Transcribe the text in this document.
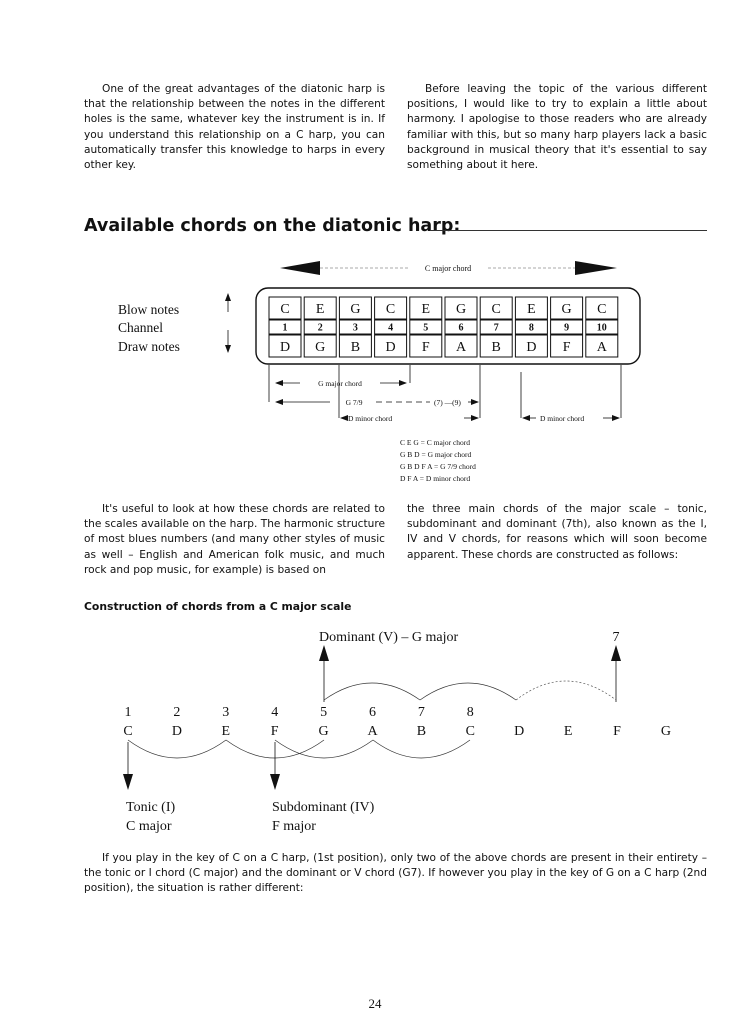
One of the great advantages of the diatonic harp is that the relationship between the notes in the different holes is the same, whatever key the instrument is in. If you understand this relationship on a C harp, you can automatically transfer this knowledge to harps in every other key.

Before leaving the topic of the various different positions, I would like to try to explain a little about harmony. I apologise to those readers who are already familiar with this, but so many harp players lack a basic background in musical theory that it's essential to say something about it here.

Available chords on the diatonic harp:
C major chord
Blow notes
Channel
Draw notes
C E G C E G C E G C
1	2	3	4	5	6	7	8	9	10
D G B D F A B D F A
G major chord
G 7/9	(7) —(9)
D minor chord	D minor chord
C E G = C major chord
G B D = G major chord
G B D F A = G 7/9 chord
D F A = D minor chord

It's useful to look at how these chords are related to the scales available on the harp. The harmonic structure of most blues numbers (and many other styles of music as well – English and American folk music, and much rock and pop music, for example) is based on

the three main chords of the major scale – tonic, subdominant and dominant (7th), also known as the I, IV and V chords, for reasons which will soon become apparent. These chords are constructed as follows:

Construction of chords from a C major scale
Dominant (V) – G major	7
1	2	3	4	5	6	7	8
C	D	E	F	G	A	B	C	D	E	F	G
Tonic (I)
C major
Subdominant (IV)
F major

If you play in the key of C on a C harp, (1st position), only two of the above chords are present in their entirety – the tonic or I chord (C major) and the dominant or V chord (G7). If however you play in the key of G on a C harp (2nd position), the situation is rather different:

24
